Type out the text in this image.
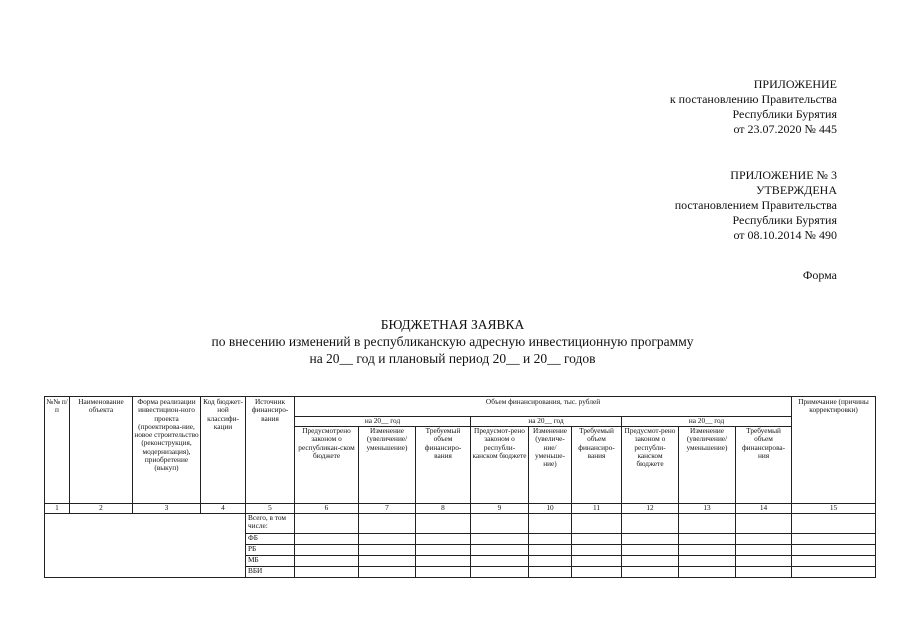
ПРИЛОЖЕНИЕ
к постановлению Правительства
Республики Бурятия
от 23.07.2020 № 445
ПРИЛОЖЕНИЕ № 3
УТВЕРЖДЕНА
постановлением Правительства
Республики Бурятия
от 08.10.2014 № 490
Форма
БЮДЖЕТНАЯ ЗАЯВКА
по внесению изменений в республиканскую адресную инвестиционную программу
на 20__ год и плановый период 20__ и 20__ годов
№№ п/п	Наименование объекта	Форма реализации инвестицион-ного проекта (проектирова-ние, новое строительство (реконструкция, модернизация), приобретение (выкуп)	Код бюджет-ной классифи-кации	Источник финансиро-вания	Объем финансирования, тыс. рублей									Примечание (причины корректировки)
					на 20__ год			на 20__ год			на 20__ год			
					Предусмотрено законом о республикан-ском бюджете	Изменение (увеличение/ уменьшение)	Требуемый объем финансиро-вания	Предусмот-рено законом о республи-канском бюджете	Изменение (увеличе-ние/ уменьше-ние)	Требуемый объем финансиро-вания	Предусмот-рено законом о республи-канском бюджете	Изменение (увеличение/ уменьшение)	Требуемый объем финансирова-ния	
1	2	3	4	5	6	7	8	9	10	11	12	13	14	15
				Всего, в том числе:										
				ФБ										
				РБ										
				МБ										
				ВБИ										
